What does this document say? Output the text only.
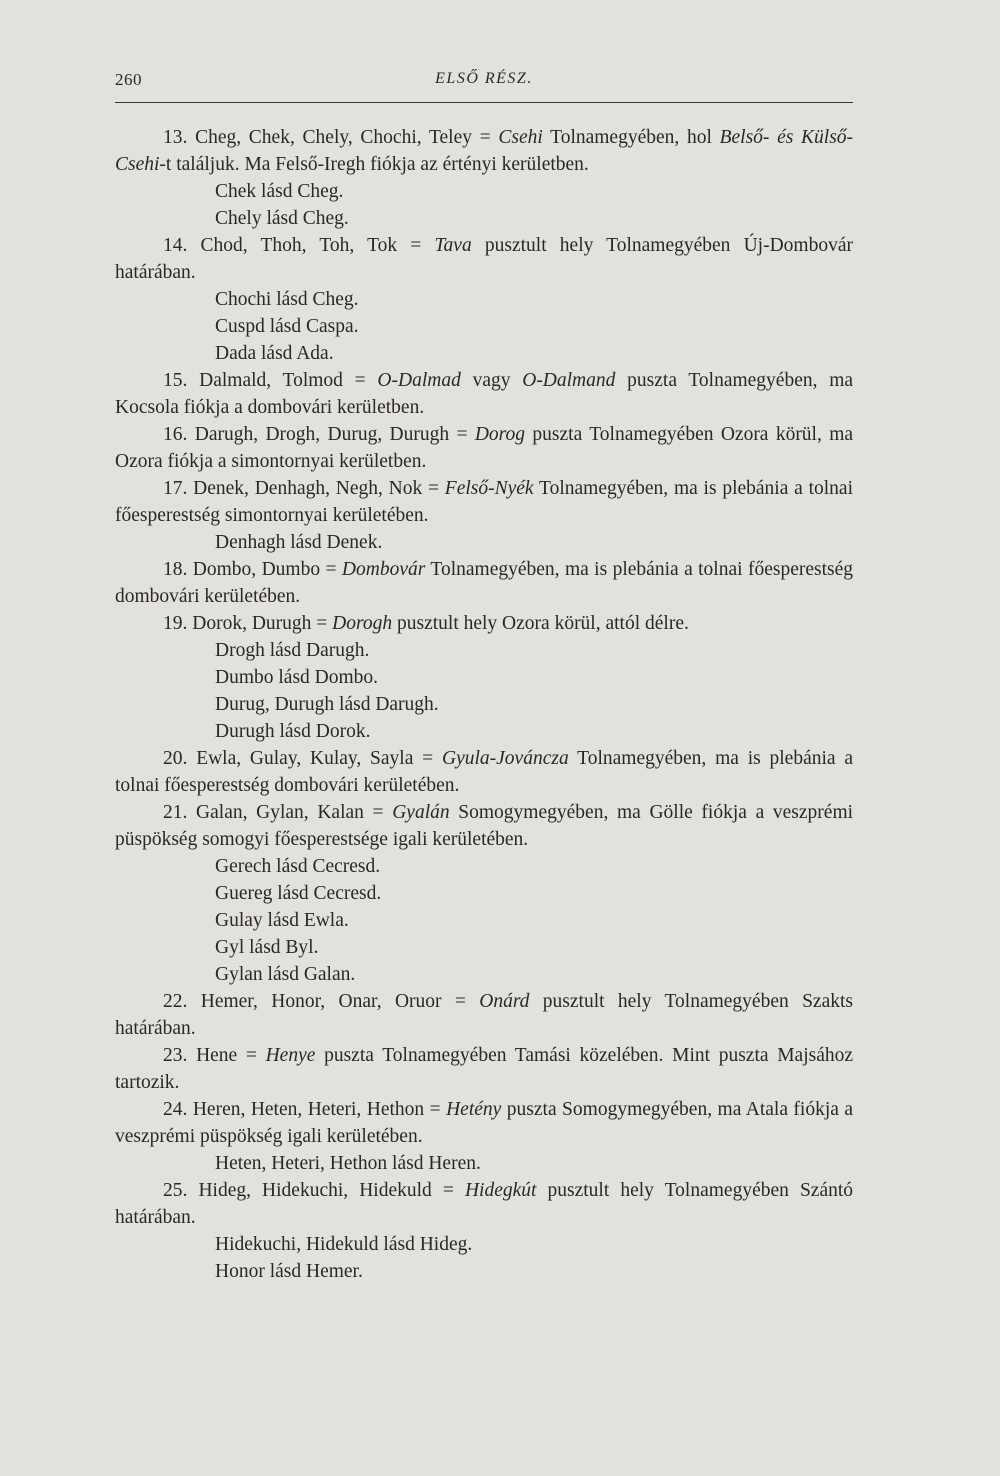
260	ELSŐ RÉSZ.

13. Cheg, Chek, Chely, Chochi, Teley = Csehi Tolnamegyében, hol Belső- és Külső-Csehi-t találjuk. Ma Felső-Iregh fiókja az értényi kerületben.

Chek lásd Cheg.

Chely lásd Cheg.

14. Chod, Thoh, Toh, Tok = Tava pusztult hely Tolnamegyében Új-Dombovár határában.

Chochi lásd Cheg.

Cuspd lásd Caspa.

Dada lásd Ada.

15. Dalmald, Tolmod = O-Dalmad vagy O-Dalmand puszta Tolnamegyében, ma Kocsola fiókja a dombovári kerületben.

16. Darugh, Drogh, Durug, Durugh = Dorog puszta Tolnamegyében Ozora körül, ma Ozora fiókja a simontornyai kerületben.

17. Denek, Denhagh, Negh, Nok = Felső-Nyék Tolnamegyében, ma is plebánia a tolnai főesperestség simontornyai kerületében.

Denhagh lásd Denek.

18. Dombo, Dumbo = Dombovár Tolnamegyében, ma is plebánia a tolnai főesperestség dombovári kerületében.

19. Dorok, Durugh = Dorogh pusztult hely Ozora körül, attól délre.

Drogh lásd Darugh.

Dumbo lásd Dombo.

Durug, Durugh lásd Darugh.

Durugh lásd Dorok.

20. Ewla, Gulay, Kulay, Sayla = Gyula-Jováncza Tolnamegyében, ma is plebánia a tolnai főesperestség dombovári kerületében.

21. Galan, Gylan, Kalan = Gyalán Somogymegyében, ma Gölle fiókja a veszprémi püspökség somogyi főesperestsége igali kerületében.

Gerech lásd Cecresd.

Guereg lásd Cecresd.

Gulay lásd Ewla.

Gyl lásd Byl.

Gylan lásd Galan.

22. Hemer, Honor, Onar, Oruor = Onárd pusztult hely Tolnamegyében Szakts határában.

23. Hene = Henye puszta Tolnamegyében Tamási közelében. Mint puszta Majsához tartozik.

24. Heren, Heten, Heteri, Hethon = Hetény puszta Somogymegyében, ma Atala fiókja a veszprémi püspökség igali kerületében.

Heten, Heteri, Hethon lásd Heren.

25. Hideg, Hidekuchi, Hidekuld = Hidegkút pusztult hely Tolnamegyében Szántó határában.

Hidekuchi, Hidekuld lásd Hideg.

Honor lásd Hemer.
